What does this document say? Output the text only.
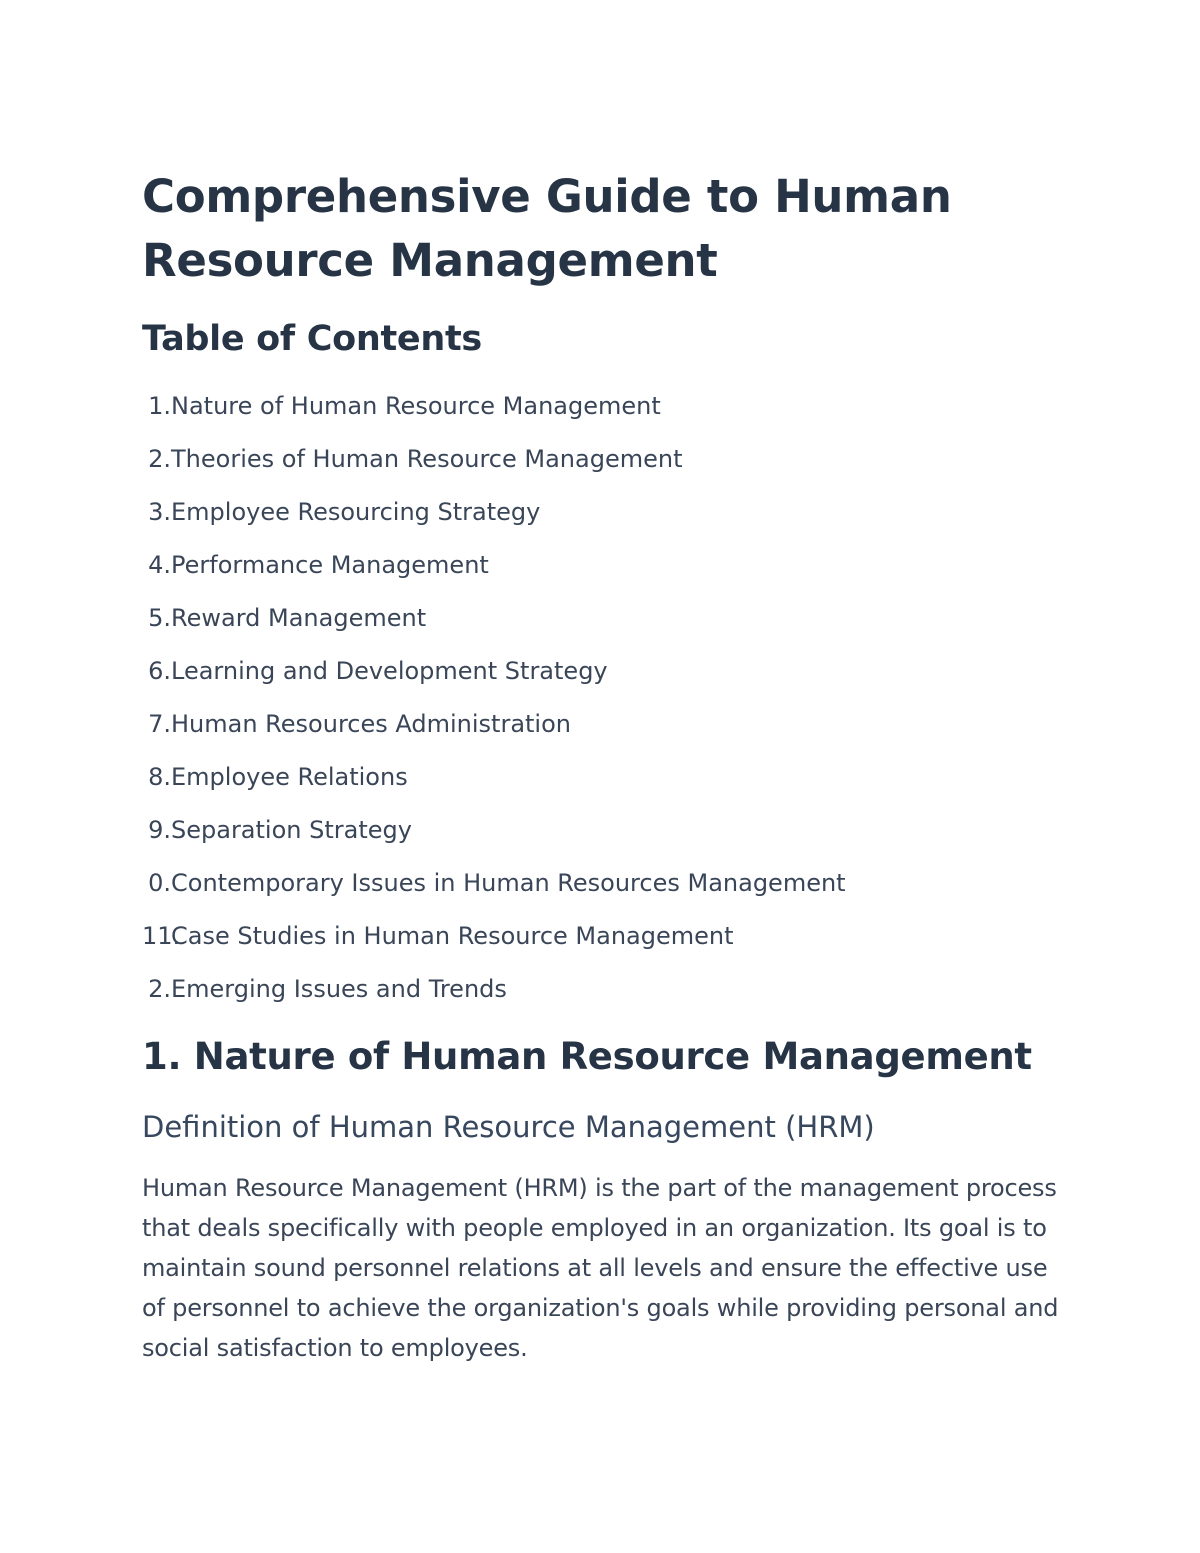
Comprehensive Guide to Human Resource Management
Table of Contents
1. Nature of Human Resource Management
2. Theories of Human Resource Management
3. Employee Resourcing Strategy
4. Performance Management
5. Reward Management
6. Learning and Development Strategy
7. Human Resources Administration
8. Employee Relations
9. Separation Strategy
0. Contemporary Issues in Human Resources Management
11.
Case Studies in Human Resource Management
2. Emerging Issues and Trends
1. Nature of Human Resource Management
Definition of Human Resource Management (HRM)

Human Resource Management (HRM) is the part of the management process that deals specifically with people employed in an organization. Its goal is to maintain sound personnel relations at all levels and ensure the effective use of personnel to achieve the organization's goals while providing personal and social satisfaction to employees.
